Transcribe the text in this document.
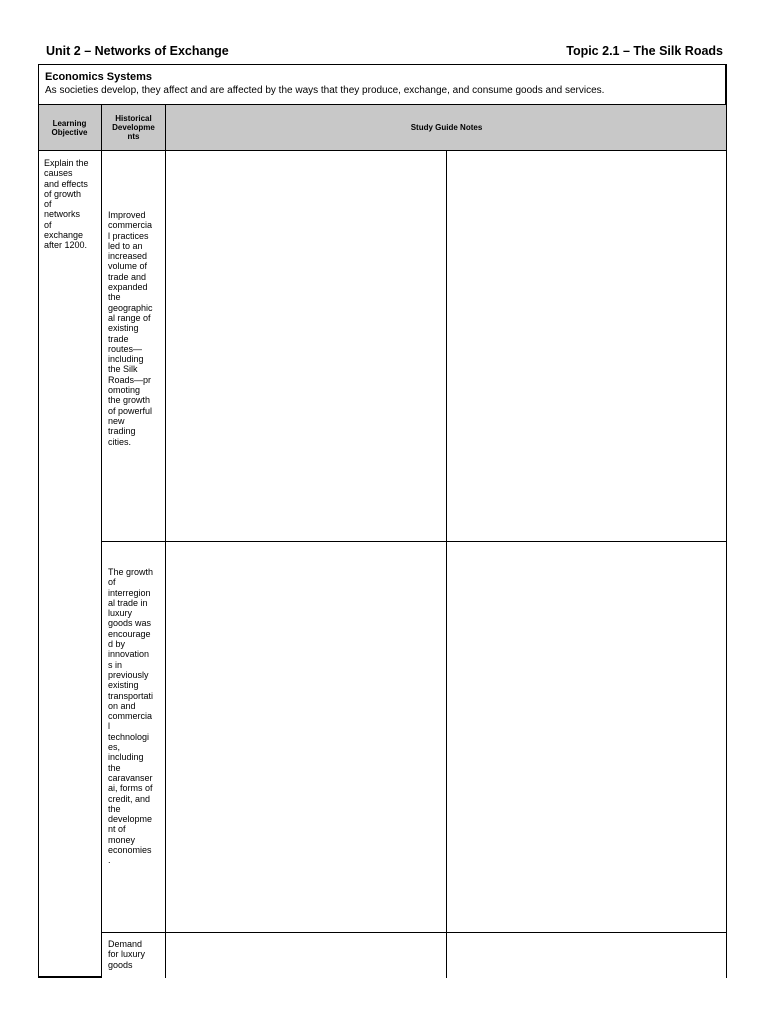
Unit 2 – Networks of Exchange	Topic 2.1 – The Silk Roads
Economics Systems
As societies develop, they affect and are affected by the ways that they produce, exchange, and consume goods and services.
Learning
Objective
Historical
Developme
nts
Study Guide Notes
Explain the
causes
and effects
of growth
of
networks
of
exchange
after 1200.
Improved
commercia
l practices
led to an
increased
volume of
trade and
expanded
the
geographic
al range of
existing
trade
routes—
including
the Silk
Roads—pr
omoting
the growth
of powerful
new
trading
cities.
The growth
of
interregion
al trade in
luxury
goods was
encourage
d by
innovation
s in
previously
existing
transportati
on and
commercia
l
technologi
es,
including
the
caravanser
ai, forms of
credit, and
the
developme
nt of
money
economies
.
Demand
for luxury
goods
